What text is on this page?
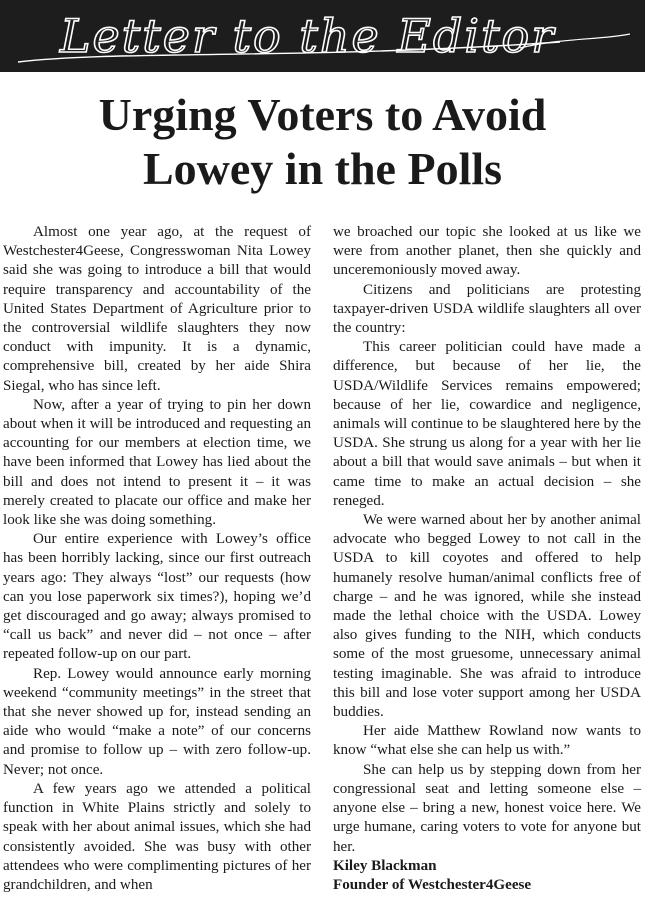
Letter to the Editor
Urging Voters to Avoid
Lowey in the Polls

Almost one year ago, at the request of Westchester4Geese, Congresswoman Nita Lowey said she was going to introduce a bill that would require transparency and accountability of the United States Department of Agriculture prior to the controversial wildlife slaughters they now conduct with impunity. It is a dynamic, comprehensive bill, created by her aide Shira Siegal, who has since left.

Now, after a year of trying to pin her down about when it will be introduced and requesting an accounting for our members at election time, we have been informed that Lowey has lied about the bill and does not intend to present it – it was merely created to placate our office and make her look like she was doing something.

Our entire experience with Lowey’s office has been horribly lacking, since our first outreach years ago: They always “lost” our requests (how can you lose paperwork six times?), hoping we’d get discouraged and go away; always promised to “call us back” and never did – not once – after repeated follow-up on our part.

Rep. Lowey would announce early morning weekend “community meetings” in the street that that she never showed up for, instead sending an aide who would “make a note” of our concerns and promise to follow up – with zero follow-up. Never; not once.

A few years ago we attended a political function in White Plains strictly and solely to speak with her about animal issues, which she had consistently avoided. She was busy with other attendees who were complimenting pictures of her grandchildren, and when

we broached our topic she looked at us like we were from another planet, then she quickly and unceremoniously moved away.

Citizens and politicians are protesting taxpayer-driven USDA wildlife slaughters all over the country:

This career politician could have made a difference, but because of her lie, the USDA/Wildlife Services remains empowered; because of her lie, cowardice and negligence, animals will continue to be slaughtered here by the USDA. She strung us along for a year with her lie about a bill that would save animals – but when it came time to make an actual decision – she reneged.

We were warned about her by another animal advocate who begged Lowey to not call in the USDA to kill coyotes and offered to help humanely resolve human/animal conflicts free of charge – and he was ignored, while she instead made the lethal choice with the USDA. Lowey also gives funding to the NIH, which conducts some of the most gruesome, unnecessary animal testing imaginable. She was afraid to introduce this bill and lose voter support among her USDA buddies.

Her aide Matthew Rowland now wants to know “what else she can help us with.”

She can help us by stepping down from her congressional seat and letting someone else – anyone else – bring a new, honest voice here. We urge humane, caring voters to vote for anyone but her.

Kiley Blackman

Founder of Westchester4Geese
